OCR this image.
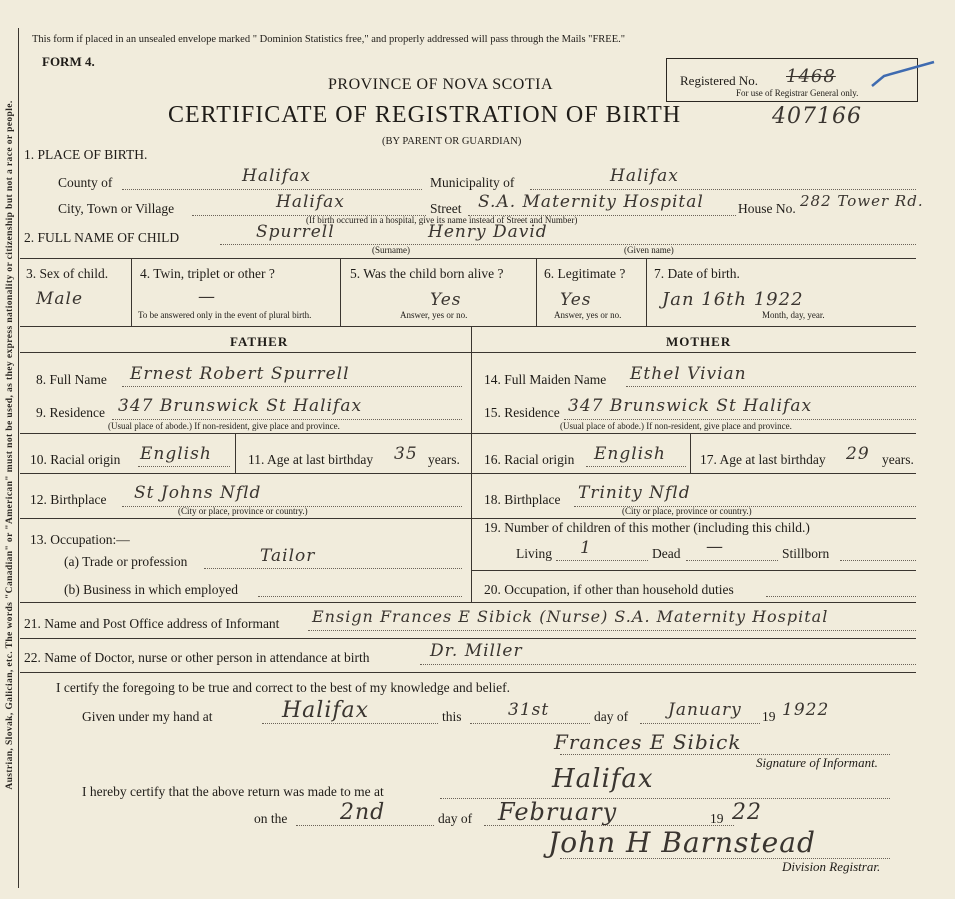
Austrian, Slovak, Galician, etc. The words "Canadian" or "American" must not be used, as they express nationality or citizenship but not a race or people.
This form if placed in an unsealed envelope marked " Dominion Statistics free," and properly addressed will pass through the Mails "FREE."
FORM 4.
PROVINCE OF NOVA SCOTIA
CERTIFICATE OF REGISTRATION OF BIRTH	407166
(BY PARENT OR GUARDIAN)
Registered No. 1468
For use of Registrar General only.
1. PLACE OF BIRTH.
County of	Halifax	Municipality of	Halifax
City, Town or Village	Halifax	Street S.A. Maternity Hospital	House No. 282 Tower Rd.
(If birth occurred in a hospital, give its name instead of Street and Number)
2. FULL NAME OF CHILD	Spurrell	Henry David
(Surname)	(Given name)
3. Sex of child.
Male
4. Twin, triplet or other ?
—
To be answered only in the event of plural birth.
5. Was the child born alive ?
Yes
Answer, yes or no.
6. Legitimate ?
Yes
Answer, yes or no.
7. Date of birth.
Jan 16th 1922
Month, day, year.
FATHER	MOTHER
8. Full Name Ernest Robert Spurrell
9. Residence 347 Brunswick St Halifax
(Usual place of abode.) If non-resident, give place and province.
10. Racial origin English	11. Age at last birthday 35 years.
12. Birthplace St Johns Nfld
(City or place, province or country.)
13. Occupation:—
(a) Trade or profession	Tailor
(b) Business in which employed
14. Full Maiden Name Ethel Vivian
15. Residence 347 Brunswick St Halifax
(Usual place of abode.) If non-resident, give place and province.
16. Racial origin English	17. Age at last birthday 29 years.
18. Birthplace Trinity Nfld
(City or place, province or country.)
19. Number of children of this mother (including this child.)
Living 1	Dead —	Stillborn
20. Occupation, if other than household duties
21. Name and Post Office address of Informant Ensign Frances E Sibick (Nurse) S.A. Maternity Hospital
22. Name of Doctor, nurse or other person in attendance at birth	Dr. Miller
I certify the foregoing to be true and correct to the best of my knowledge and belief.
Given under my hand at	Halifax	this	31st	day of January 19 1922
Frances E Sibick
Signature of Informant.
I hereby certify that the above return was made to me at	Halifax
on the 2nd	day of February	19 22
John H Barnstead
Division Registrar.
